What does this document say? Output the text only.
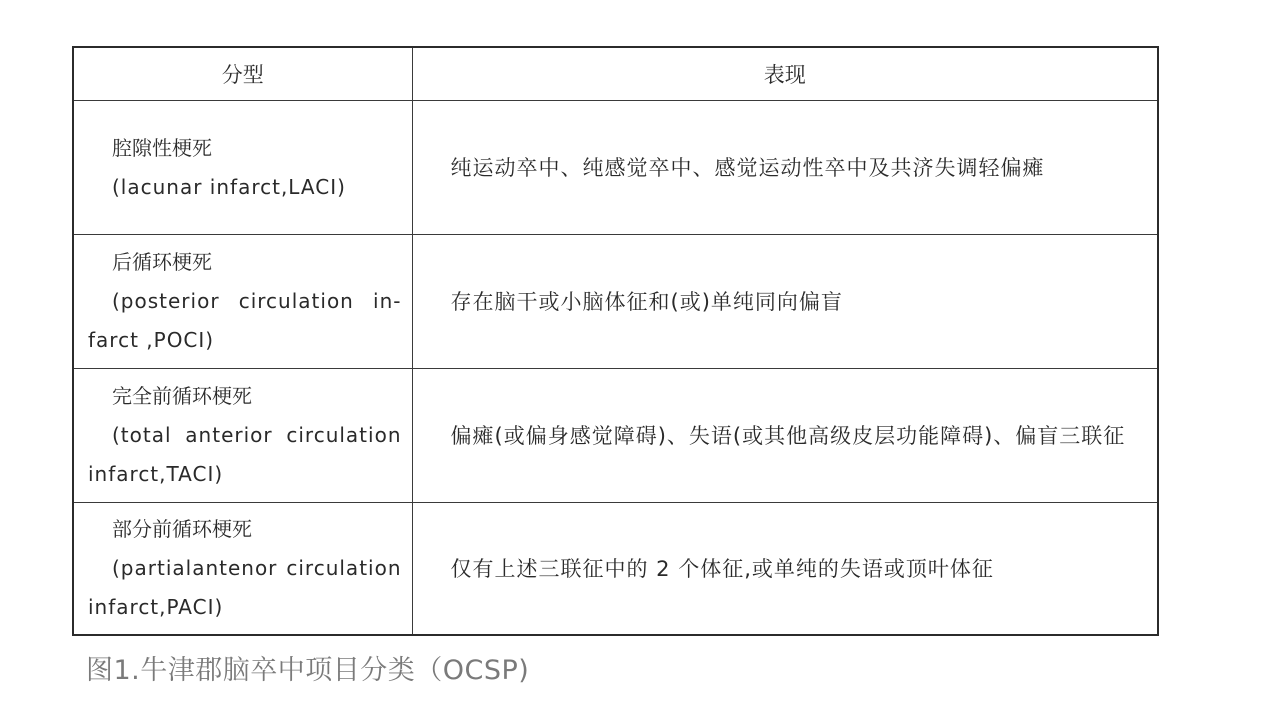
分型	表现

腔隙性梗死
(lacunar infarct,LACI)	纯运动卒中、纯感觉卒中、感觉运动性卒中及共济失调轻偏瘫

后循环梗死
(posterior circulation in-farct ,POCI)	存在脑干或小脑体征和(或)单纯同向偏盲

完全前循环梗死
(total anterior circulation infarct,TACI)	偏瘫(或偏身感觉障碍)、失语(或其他高级皮层功能障碍)、偏盲三联征

部分前循环梗死
(partialantenor circulation infarct,PACI)	仅有上述三联征中的 2 个体征,或单纯的失语或顶叶体征
图1.牛津郡脑卒中项目分类（OCSP)
